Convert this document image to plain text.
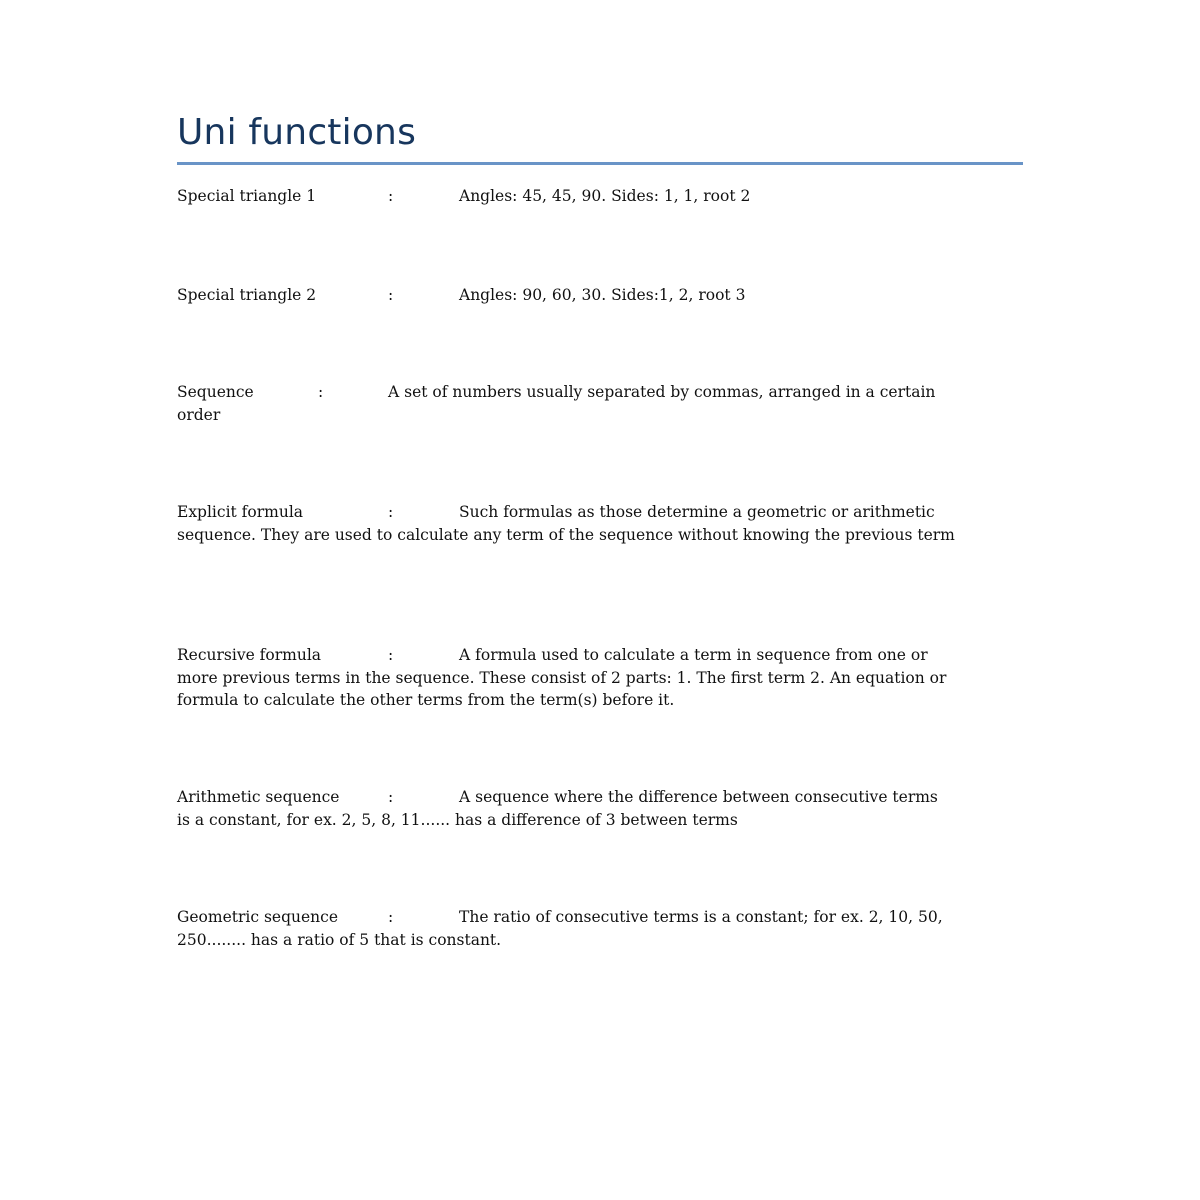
Uni functions
Special triangle 1	:	Angles: 45, 45, 90. Sides: 1, 1, root 2
Special triangle 2	:	Angles: 90, 60, 30. Sides:1, 2, root 3
Sequence	:	A set of numbers usually separated by commas, arranged in a certain
order
Explicit formula	:	Such formulas as those determine a geometric or arithmetic
sequence. They are used to calculate any term of the sequence without knowing the previous term
Recursive formula	:	A formula used to calculate a term in sequence from one or
more previous terms in the sequence. These consist of 2 parts: 1. The first term 2. An equation or formula to calculate the other terms from the term(s) before it.
Arithmetic sequence	:	A sequence where the difference between consecutive terms
is a constant, for ex. 2, 5, 8, 11...... has a difference of 3 between terms
Geometric sequence	:	The ratio of consecutive terms is a constant; for ex. 2, 10, 50,
250........ has a ratio of 5 that is constant.
